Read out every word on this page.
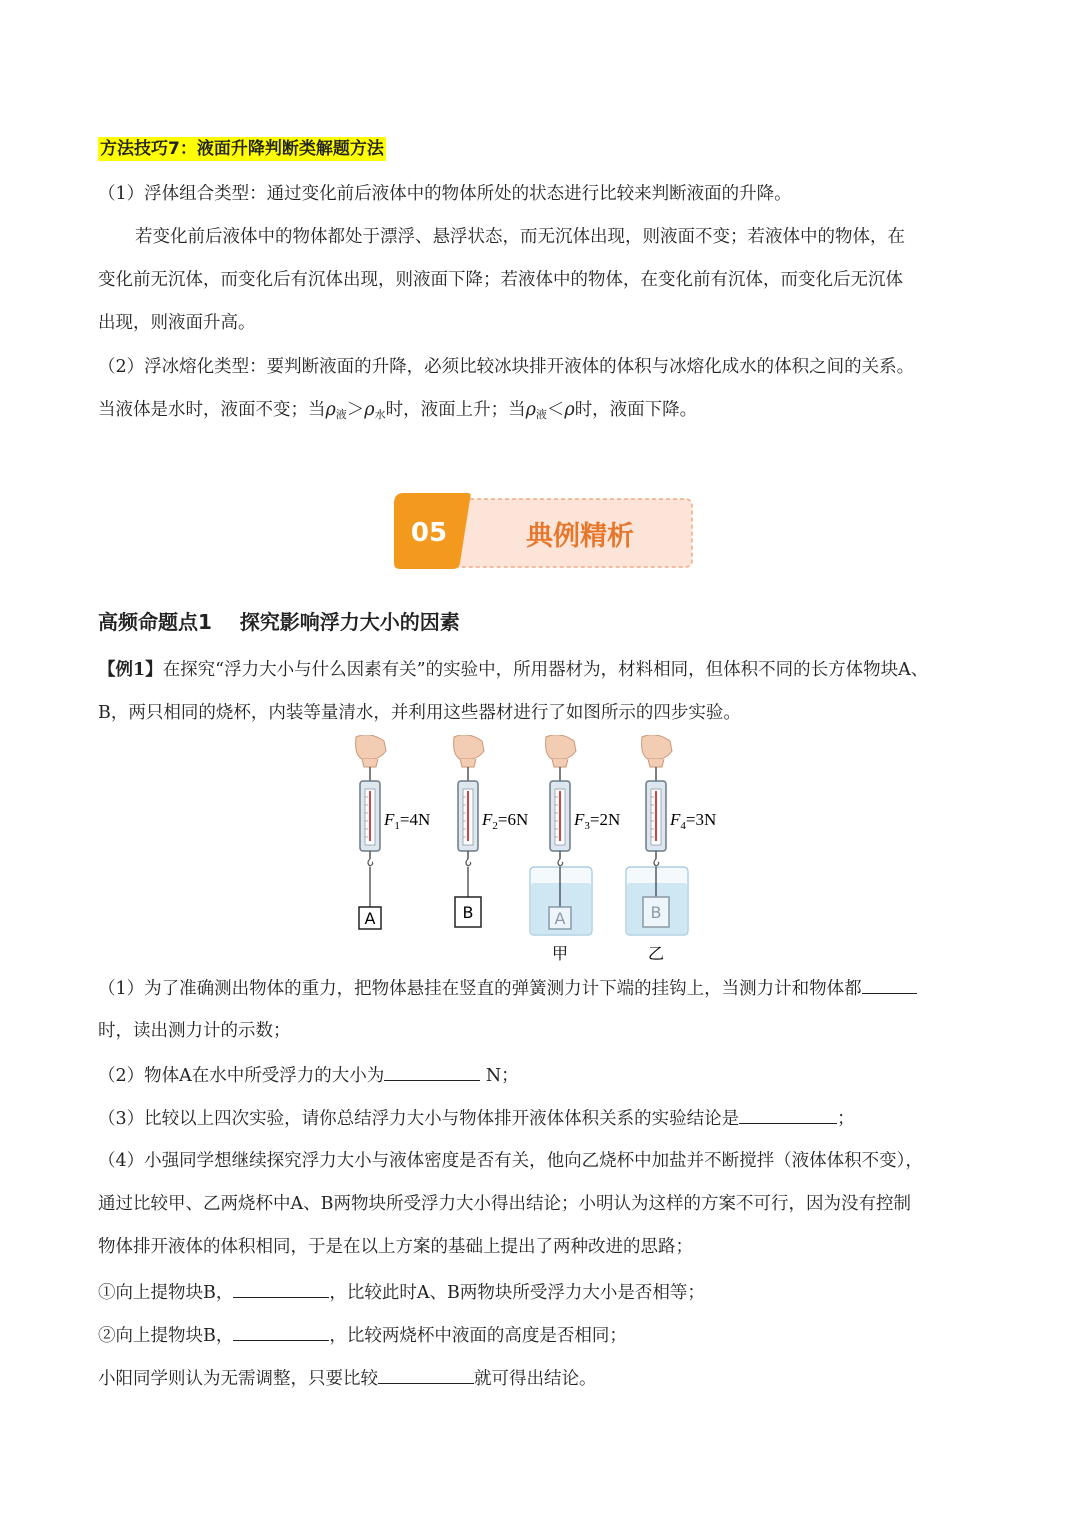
方法技巧7：液面升降判断类解题方法
（1）浮体组合类型：通过变化前后液体中的物体所处的状态进行比较来判断液面的升降。
若变化前后液体中的物体都处于漂浮、悬浮状态，而无沉体出现，则液面不变；若液体中的物体，在
变化前无沉体，而变化后有沉体出现，则液面下降；若液体中的物体，在变化前有沉体，而变化后无沉体
出现，则液面升高。
（2）浮冰熔化类型：要判断液面的升降，必须比较冰块排开液体的体积与冰熔化成水的体积之间的关系。
当液体是水时，液面不变；当$\rho_液>\rho_水$时，液面上升；当$\rho_液<\rho$时，液面下降。
05	典例精析
高频命题点1    探究影响浮力大小的因素
【例1】在探究“浮力大小与什么因素有关”的实验中，所用器材为，材料相同，但体积不同的长方体物块A、
B，两只相同的烧杯，内装等量清水，并利用这些器材进行了如图所示的四步实验。
A
$F_1=4N$
B
$F_2=6N$
A
甲
$F_3=2N$
B
乙
$F_4=3N$
（1）为了准确测出物体的重力，把物体悬挂在竖直的弹簧测力计下端的挂钩上，当测力计和物体都
时，读出测力计的示数；
（2）物体A在水中所受浮力的大小为	N；
（3）比较以上四次实验，请你总结浮力大小与物体排开液体体积关系的实验结论是	；
（4）小强同学想继续探究浮力大小与液体密度是否有关，他向乙烧杯中加盐并不断搅拌（液体体积不变），
通过比较甲、乙两烧杯中A、B两物块所受浮力大小得出结论；小明认为这样的方案不可行，因为没有控制
物体排开液体的体积相同，于是在以上方案的基础上提出了两种改进的思路；
①向上提物块B，	，比较此时A、B两物块所受浮力大小是否相等；
②向上提物块B，	，比较两烧杯中液面的高度是否相同；
小阳同学则认为无需调整，只要比较	就可得出结论。
